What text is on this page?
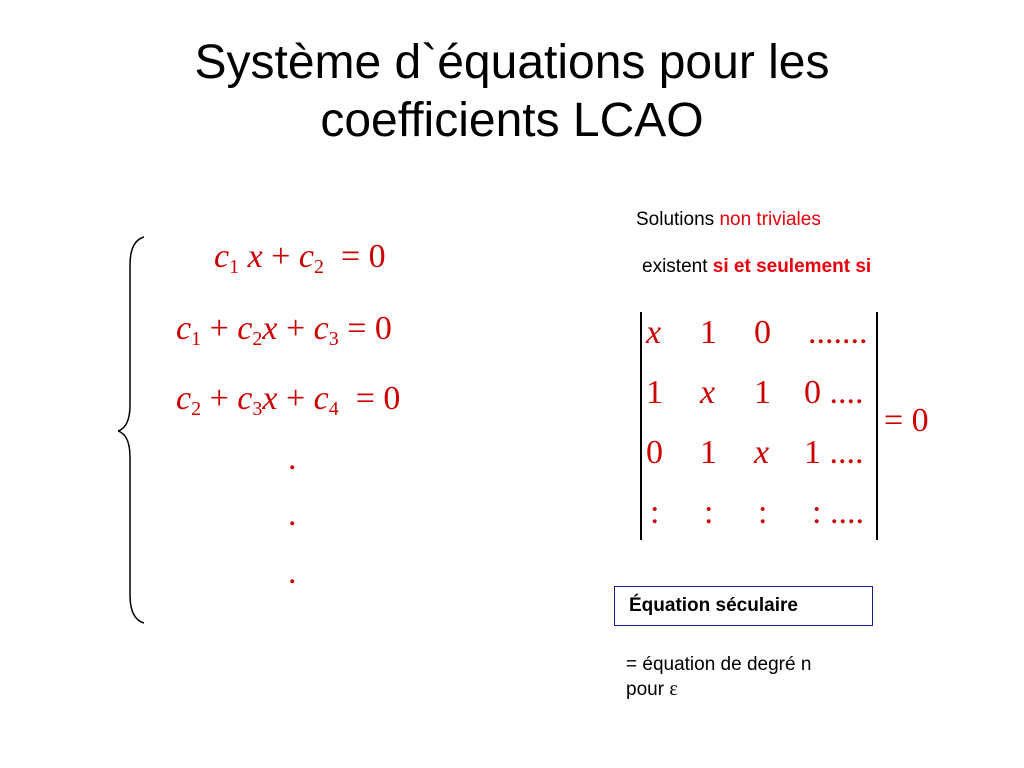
Système d`équations pour les
coefficients LCAO
$c_1$ $x + c_2 = 0$
$c_1 + c_2x + c_3 = 0$
$c_2 + c_3x + c_4 = 0$
.
.
.
Solutions non triviales
existent si et seulement si
x 1 0 .......
1 x 1 0 ....
0 1 x 1 ....
: : : : ....
= 0
Équation séculaire
= équation de degré n
pour ε
